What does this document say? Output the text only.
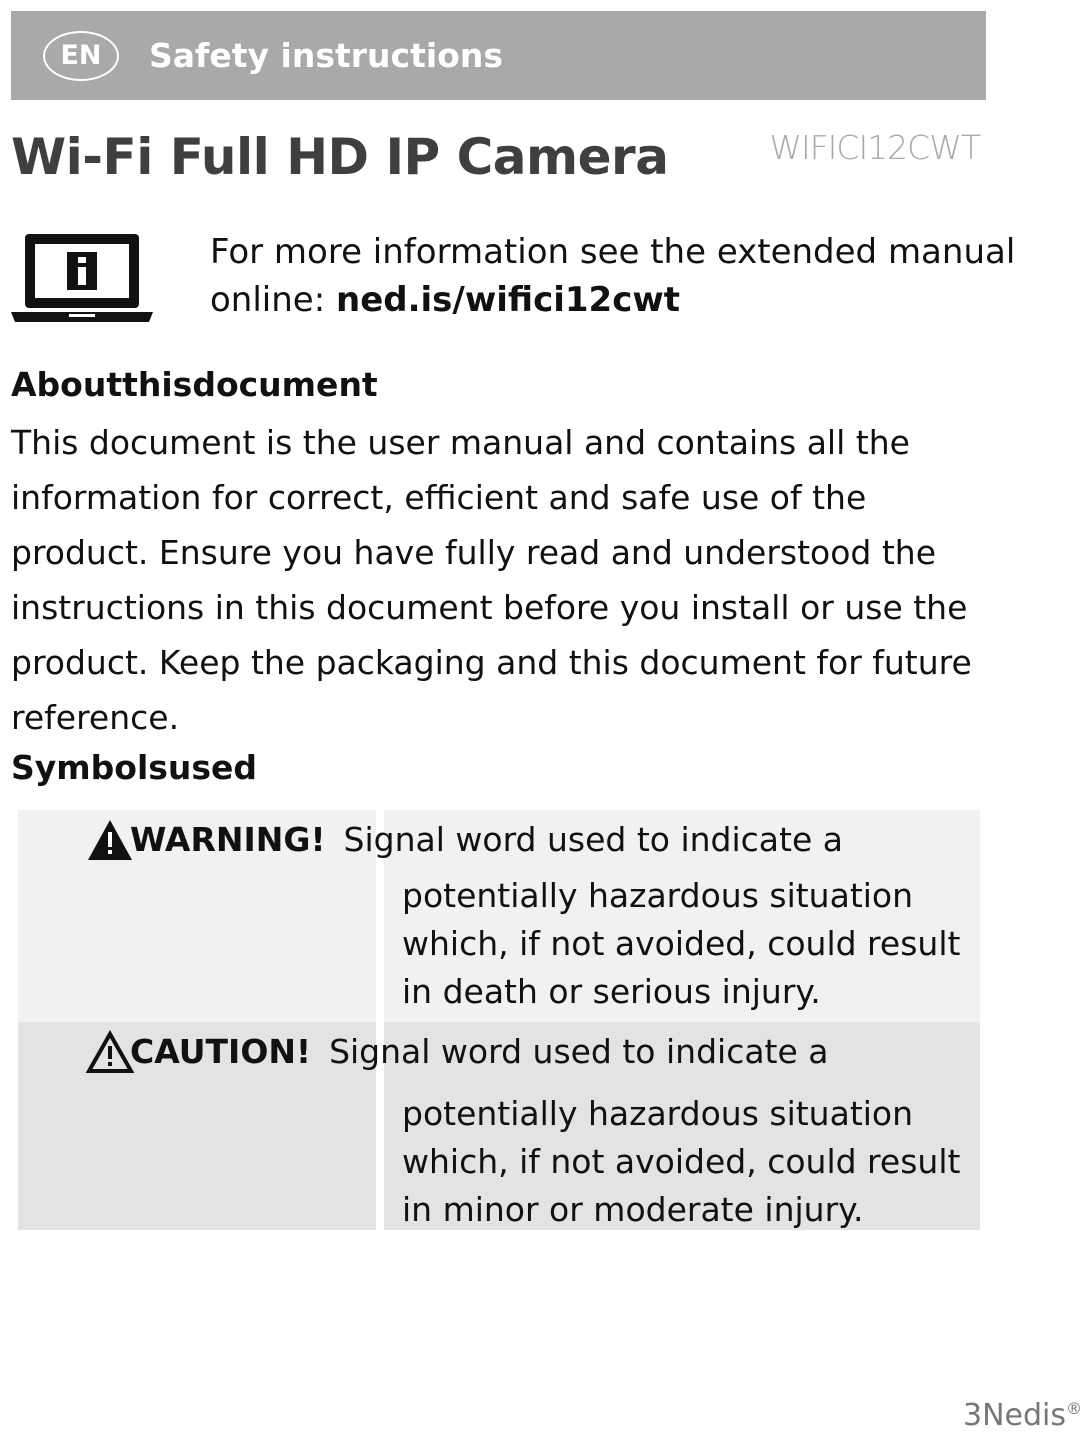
EN	Safety instructions
Wi-Fi Full HD IP Camera	WIFICI12CWT

For more information see the extended manual
online: ned.is/wifici12cwt

Aboutthisdocument

This document is the user manual and contains all the information for correct, efficient and safe use of the product. Ensure you have fully read and understood the instructions in this document before you install or use the product. Keep the packaging and this document for future reference.

Symbolsused
WARNING! Signal word used to indicate a

potentially hazardous situation
which, if not avoided, could result
in death or serious injury.

CAUTION! Signal word used to indicate a

potentially hazardous situation
which, if not avoided, could result
in minor or moderate injury.

3Nedis®
